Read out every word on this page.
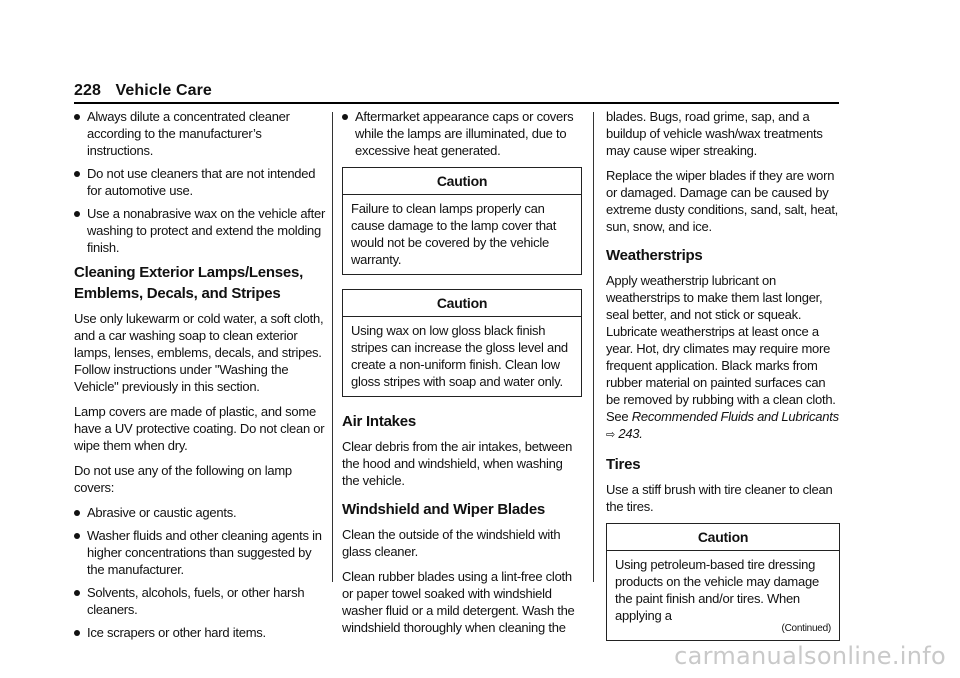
228 Vehicle Care
Always dilute a concentrated cleaner according to the manufacturer’s instructions.
Do not use cleaners that are not intended for automotive use.
Use a nonabrasive wax on the vehicle after washing to protect and extend the molding finish.
Cleaning Exterior Lamps/Lenses, Emblems, Decals, and Stripes

Use only lukewarm or cold water, a soft cloth, and a car washing soap to clean exterior lamps, lenses, emblems, decals, and stripes. Follow instructions under "Washing the Vehicle" previously in this section.

Lamp covers are made of plastic, and some have a UV protective coating. Do not clean or wipe them when dry.

Do not use any of the following on lamp covers:

Abrasive or caustic agents.
Washer fluids and other cleaning agents in higher concentrations than suggested by the manufacturer.
Solvents, alcohols, fuels, or other harsh cleaners.
Ice scrapers or other hard items.
Aftermarket appearance caps or covers while the lamps are illuminated, due to excessive heat generated.
Caution
Failure to clean lamps properly can cause damage to the lamp cover that would not be covered by the vehicle warranty.
Caution
Using wax on low gloss black finish stripes can increase the gloss level and create a non-uniform finish. Clean low gloss stripes with soap and water only.
Air Intakes

Clear debris from the air intakes, between the hood and windshield, when washing the vehicle.

Windshield and Wiper Blades

Clean the outside of the windshield with glass cleaner.

Clean rubber blades using a lint-free cloth or paper towel soaked with windshield washer fluid or a mild detergent. Wash the windshield thoroughly when cleaning the

blades. Bugs, road grime, sap, and a buildup of vehicle wash/wax treatments may cause wiper streaking.

Replace the wiper blades if they are worn or damaged. Damage can be caused by extreme dusty conditions, sand, salt, heat, sun, snow, and ice.

Weatherstrips

Apply weatherstrip lubricant on weatherstrips to make them last longer, seal better, and not stick or squeak. Lubricate weatherstrips at least once a year. Hot, dry climates may require more frequent application. Black marks from rubber material on painted surfaces can be removed by rubbing with a clean cloth. See Recommended Fluids and Lubricants ⇨ 243.

Tires

Use a stiff brush with tire cleaner to clean the tires.

Caution
Using petroleum-based tire dressing products on the vehicle may damage the paint finish and/or tires. When applying a
(Continued)
carmanualsonline.info
